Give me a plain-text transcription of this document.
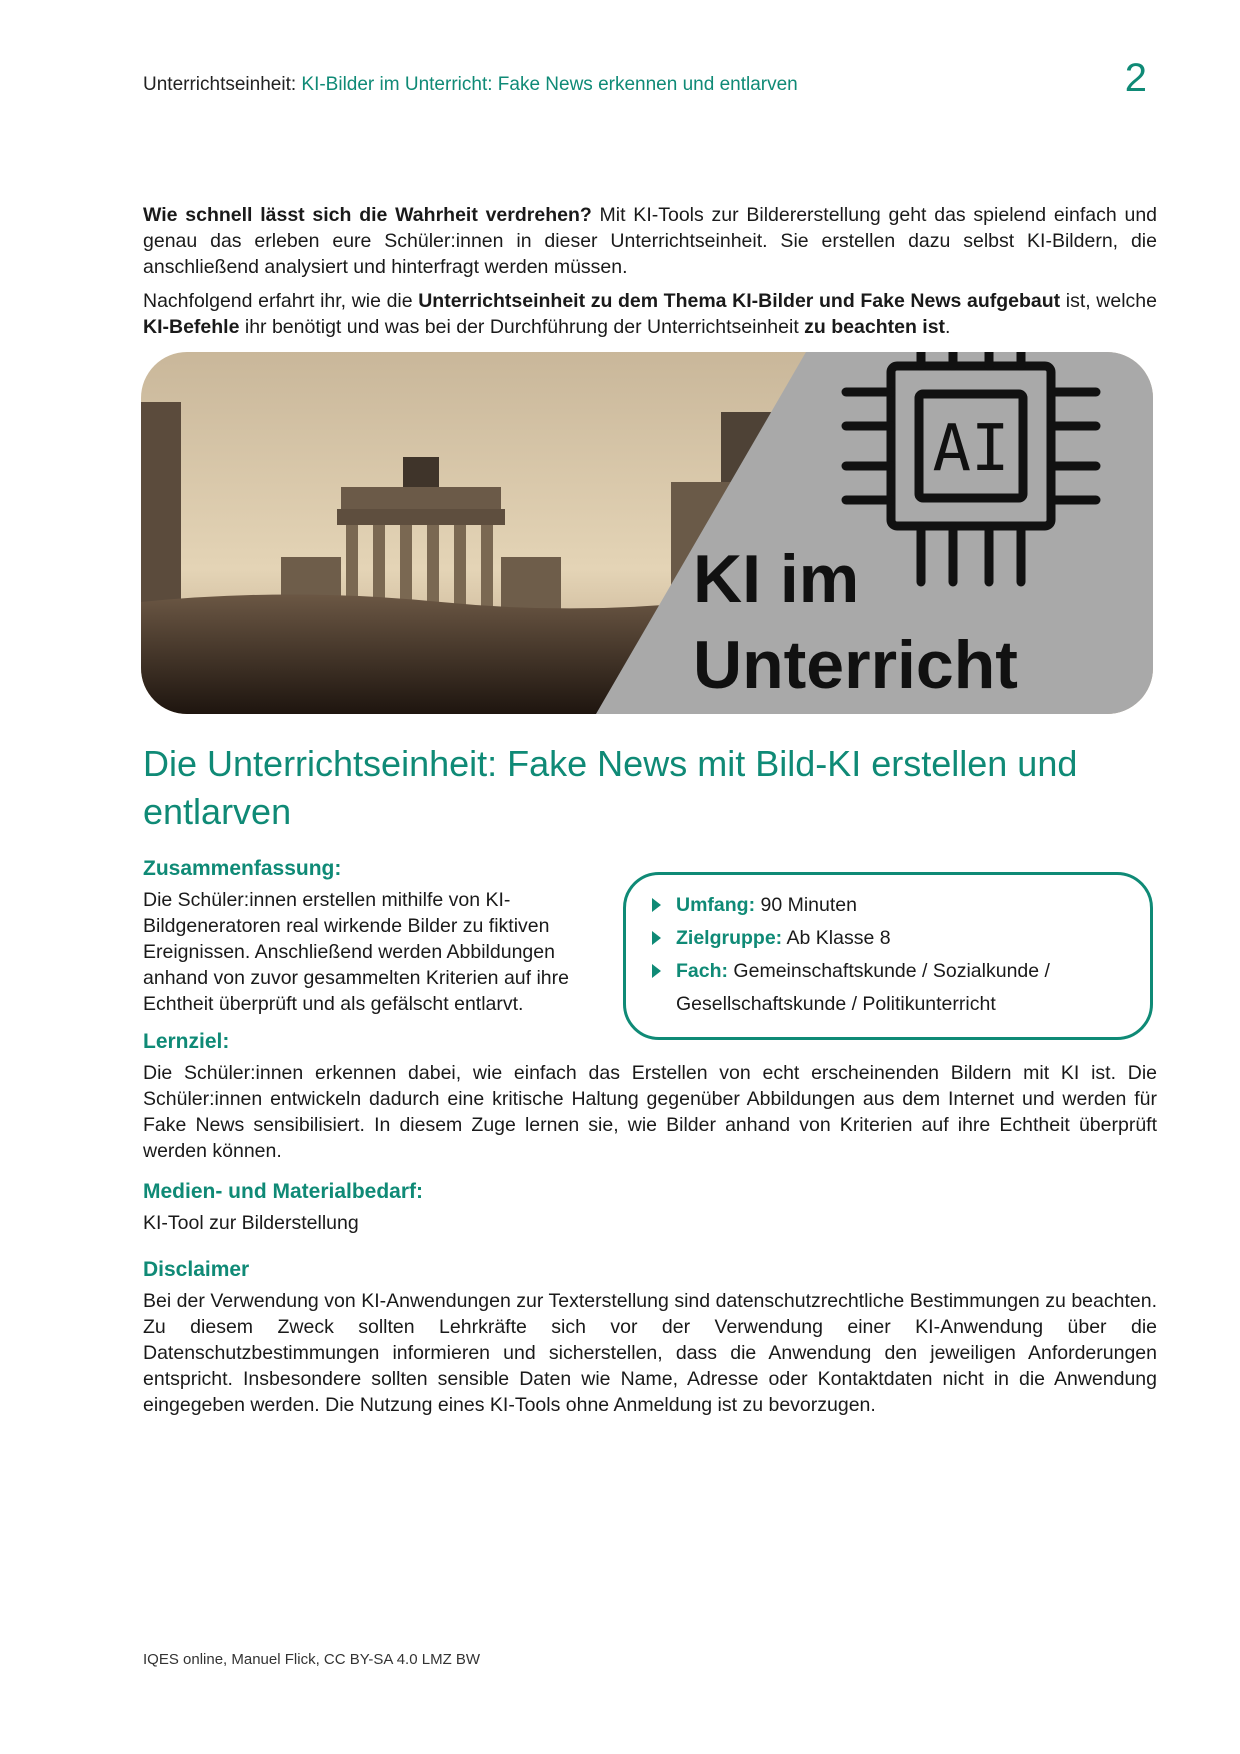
Unterrichtseinheit: KI-Bilder im Unterricht: Fake News erkennen und entlarven	2

Wie schnell lässt sich die Wahrheit verdrehen? Mit KI-Tools zur Bildererstellung geht das spielend einfach und genau das erleben eure Schüler:innen in dieser Unterrichtseinheit. Sie erstellen dazu selbst KI-Bildern, die anschließend analysiert und hinterfragt werden müssen.

Nachfolgend erfahrt ihr, wie die Unterrichtseinheit zu dem Thema KI-Bilder und Fake News aufgebaut ist, welche KI-Befehle ihr benötigt und was bei der Durchführung der Unterrichtseinheit zu beachten ist.

AI
KI im
Unterricht
Die Unterrichtseinheit: Fake News mit Bild-KI erstellen und entlarven
Zusammenfassung:

Die Schüler:innen erstellen mithilfe von KI-Bildgeneratoren real wirkende Bilder zu fiktiven Ereignissen. Anschließend werden Abbildungen anhand von zuvor gesammelten Kriterien auf ihre Echtheit überprüft und als gefälscht entlarvt.

Umfang: 90 Minuten
Zielgruppe: Ab Klasse 8
Fach: Gemeinschaftskunde / Sozialkunde / Gesellschaftskunde / Politikunterricht
Lernziel:

Die Schüler:innen erkennen dabei, wie einfach das Erstellen von echt erscheinenden Bildern mit KI ist. Die Schüler:innen entwickeln dadurch eine kritische Haltung gegenüber Abbildungen aus dem Internet und werden für Fake News sensibilisiert. In diesem Zuge lernen sie, wie Bilder anhand von Kriterien auf ihre Echtheit überprüft werden können.

Medien- und Materialbedarf:

KI-Tool zur Bilderstellung

Disclaimer

Bei der Verwendung von KI-Anwendungen zur Texterstellung sind datenschutzrechtliche Bestimmungen zu beachten. Zu diesem Zweck sollten Lehrkräfte sich vor der Verwendung einer KI-Anwendung über die Datenschutzbestimmungen informieren und sicherstellen, dass die Anwendung den jeweiligen Anforderungen entspricht. Insbesondere sollten sensible Daten wie Name, Adresse oder Kontaktdaten nicht in die Anwendung eingegeben werden. Die Nutzung eines KI-Tools ohne Anmeldung ist zu bevorzugen.

IQES online, Manuel Flick, CC BY-SA 4.0 LMZ BW
